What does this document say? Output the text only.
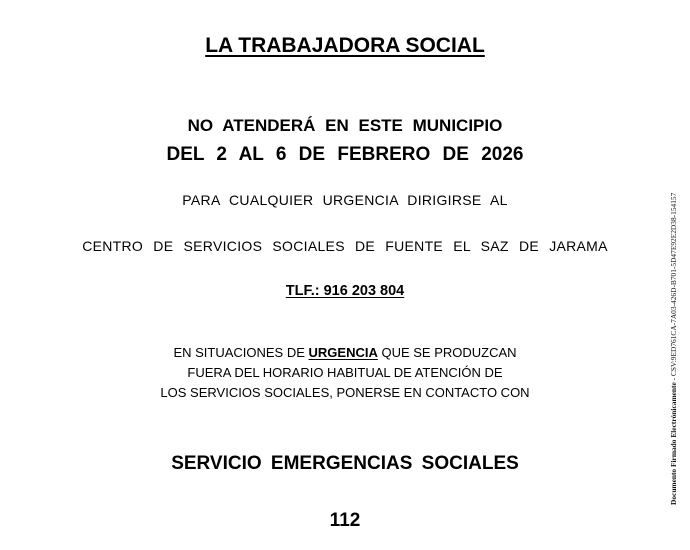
LA TRABAJADORA SOCIAL
NO ATENDERÁ EN ESTE MUNICIPIO
DEL 2 AL 6 DE FEBRERO DE 2026
PARA CUALQUIER URGENCIA DIRIGIRSE AL
CENTRO DE SERVICIOS SOCIALES DE FUENTE EL SAZ DE JARAMA
TLF.: 916 203 804
EN SITUACIONES DE URGENCIA QUE SE PRODUZCAN
FUERA DEL HORARIO HABITUAL DE ATENCIÓN DE
LOS SERVICIOS SOCIALES, PONERSE EN CONTACTO CON
SERVICIO EMERGENCIAS SOCIALES
112
Documento Firmado Electrónicamente - CSV:9ED761CA-7A03-426D-B701-5D47E92E2D38-154157
